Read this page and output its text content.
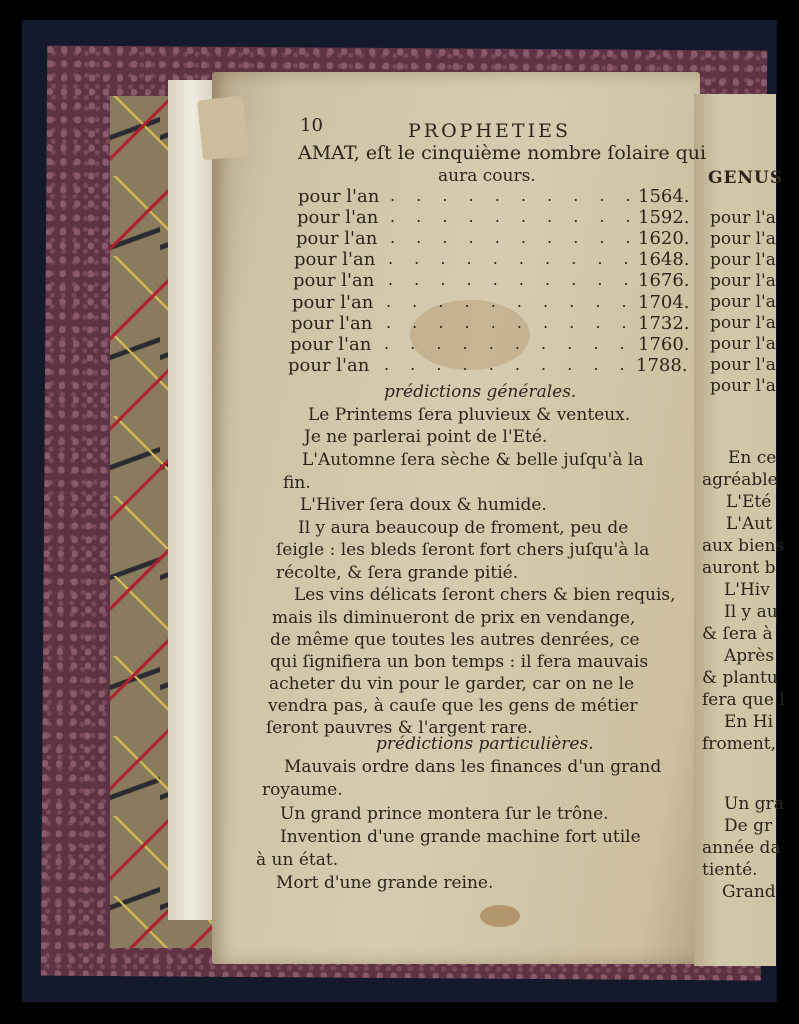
10	PROPHETIES
AMAT, eſt le cinquième nombre ſolaire qui
aura cours.
pour l'an . . . . . . . . . . 1564.
pour l'an . . . . . . . . . . 1592.
pour l'an . . . . . . . . . . 1620.
pour l'an . . . . . . . . . . 1648.
pour l'an . . . . . . . . . . 1676.
pour l'an . . . . . . . . . . 1704.
pour l'an . . . . . . . . . . 1732.
pour l'an . . . . . . . . . . 1760.
pour l'an . . . . . . . . . . 1788.
prédictions générales.
Le Printems ſera pluvieux & venteux.
Je ne parlerai point de l'Eté.
L'Automne ſera sèche & belle juſqu'à la
fin.
L'Hiver ſera doux & humide.
Il y aura beaucoup de froment, peu de
ſeigle : les bleds ſeront fort chers juſqu'à la
récolte, & ſera grande pitié.
Les vins délicats ſeront chers & bien requis,
mais ils diminueront de prix en vendange,
de même que toutes les autres denrées, ce
qui ſignifiera un bon temps : il fera mauvais
acheter du vin pour le garder, car on ne le
vendra pas, à cauſe que les gens de métier
ſeront pauvres & l'argent rare.
prédictions particulières.
Mauvais ordre dans les finances d'un grand
royaume.
Un grand prince montera ſur le trône.
Invention d'une grande machine fort utile
à un état.
Mort d'une grande reine.
GENUS
pour l'a
pour l'a
pour l'a
pour l'a
pour l'a
pour l'a
pour l'a
pour l'a
pour l'a
En ce
agréable
L'Eté
L'Aut
aux biens
auront b
L'Hiv
Il y au
& ſera à
Après
& plantu
fera que l
En Hi
froment,
Un gra
De gr
année da
tienté.
Grand
